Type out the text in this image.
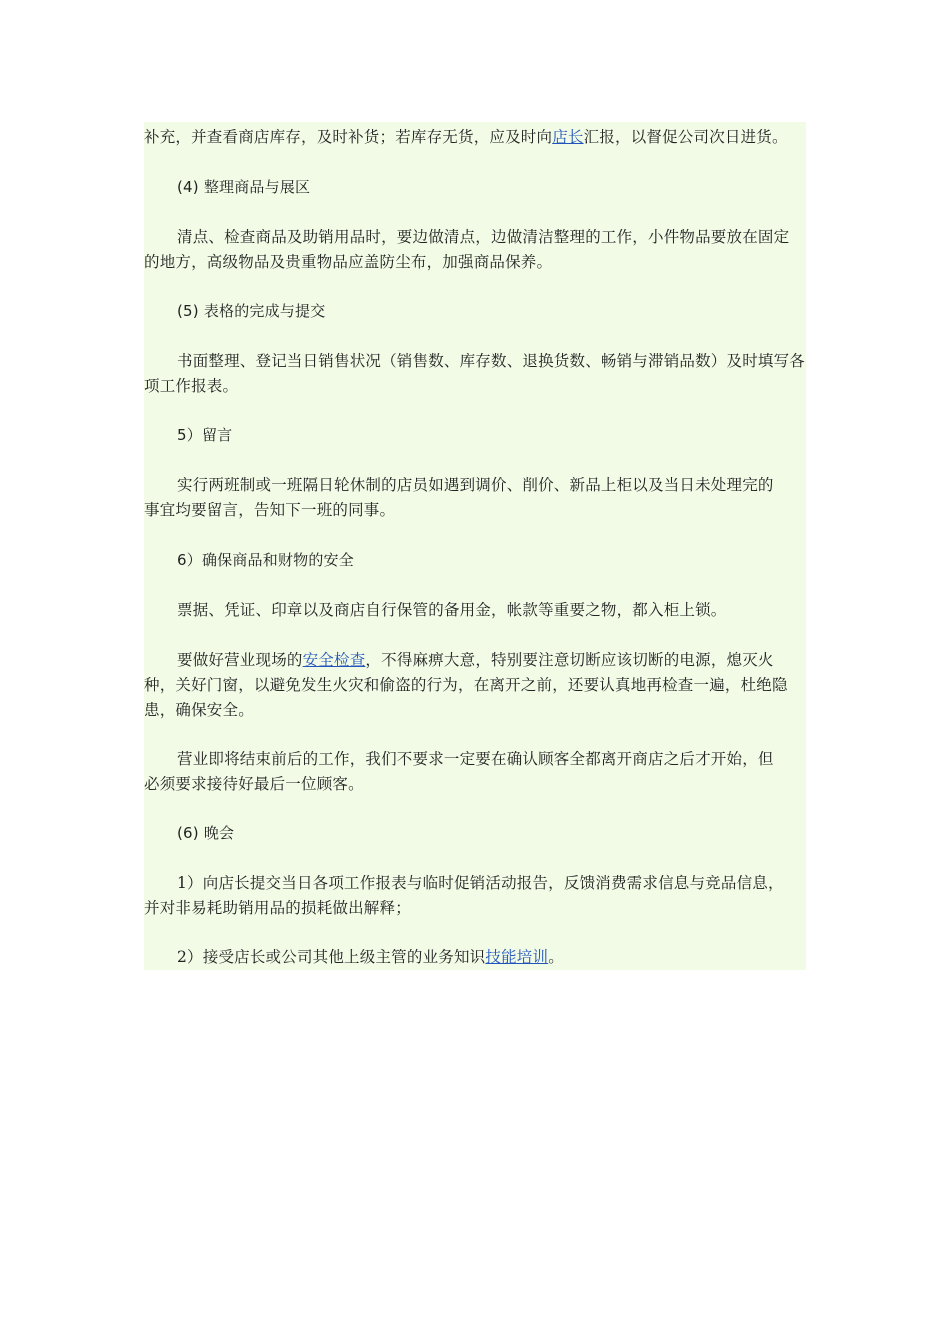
补充，并查看商店库存，及时补货；若库存无货，应及时向店长汇报，以督促公司次日进货。

(4) 整理商品与展区

清点、检查商品及助销用品时，要边做清点，边做清洁整理的工作，小件物品要放在固定
的地方，高级物品及贵重物品应盖防尘布，加强商品保养。

(5) 表格的完成与提交

书面整理、登记当日销售状况（销售数、库存数、退换货数、畅销与滞销品数）及时填写各
项工作报表。

5）留言

实行两班制或一班隔日轮休制的店员如遇到调价、削价、新品上柜以及当日未处理完的
事宜均要留言，告知下一班的同事。

6）确保商品和财物的安全

票据、凭证、印章以及商店自行保管的备用金，帐款等重要之物，都入柜上锁。

要做好营业现场的安全检查，不得麻痹大意，特别要注意切断应该切断的电源，熄灭火
种，关好门窗，以避免发生火灾和偷盗的行为，在离开之前，还要认真地再检查一遍，杜绝隐
患，确保安全。

营业即将结束前后的工作，我们不要求一定要在确认顾客全都离开商店之后才开始，但
必须要求接待好最后一位顾客。

(6) 晚会

1）向店长提交当日各项工作报表与临时促销活动报告，反馈消费需求信息与竞品信息，
并对非易耗助销用品的损耗做出解释；

2）接受店长或公司其他上级主管的业务知识技能培训。
